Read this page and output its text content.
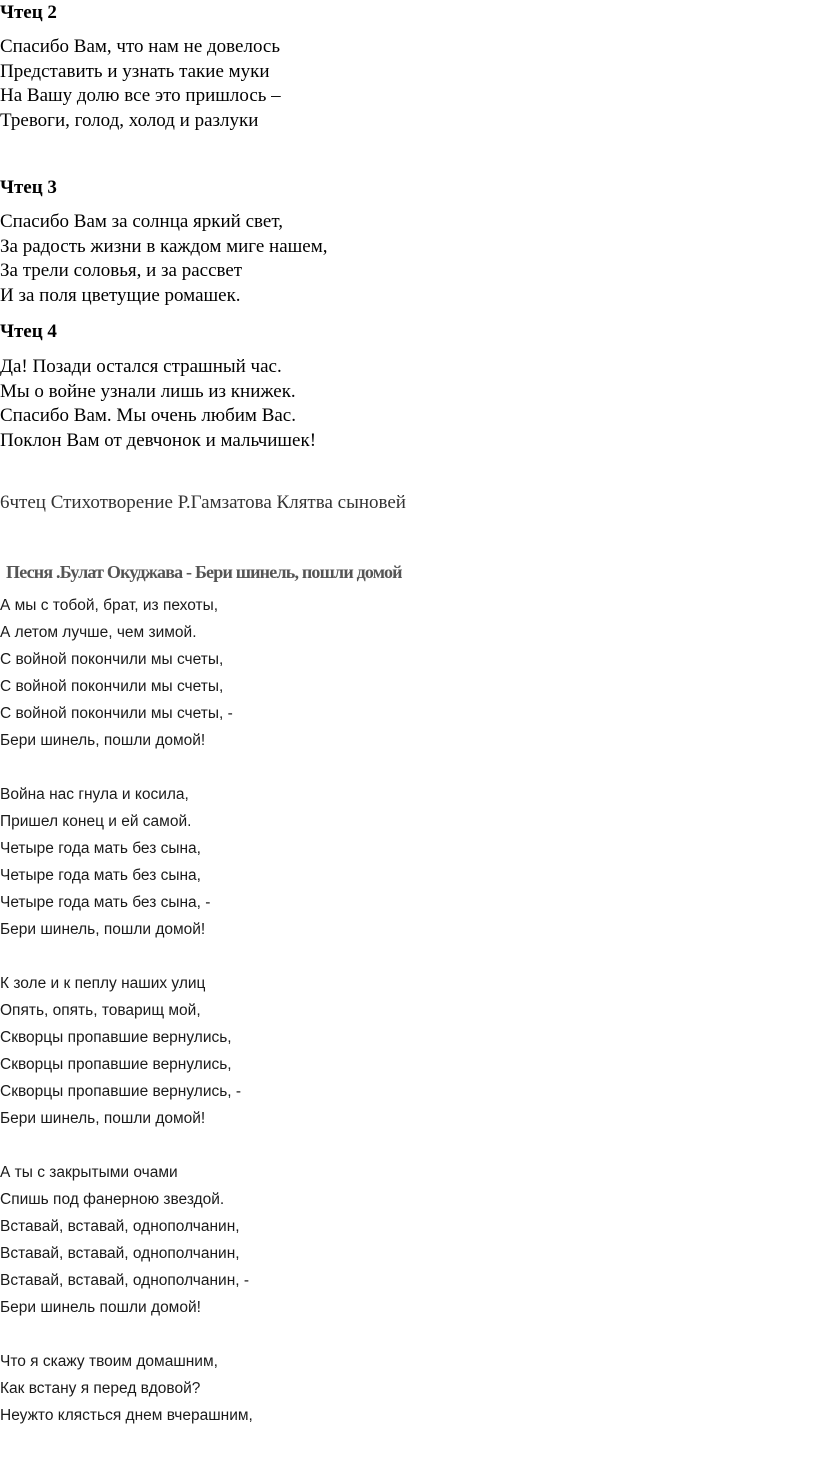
Чтец 2
Спасибо Вам, что нам не довелось
Представить и узнать такие муки
На Вашу долю все это пришлось –
Тревоги, голод, холод и разлуки
Чтец 3
Спасибо Вам за солнца яркий свет,
За радость жизни в каждом миге нашем,
За трели соловья, и за рассвет
И за поля цветущие ромашек.
Чтец 4
Да! Позади остался страшный час.
Мы о войне узнали лишь из книжек.
Спасибо Вам. Мы очень любим Вас.
Поклон Вам от девчонок и мальчишек!
6чтец Стихотворение Р.Гамзатова Клятва сыновей
Песня .Булат Окуджава - Бери шинель, пошли домой
А мы с тобой, брат, из пехоты,
А летом лучше, чем зимой.
С войной покончили мы счеты,
С войной покончили мы счеты,
С войной покончили мы счеты, -
Бери шинель, пошли домой!
Война нас гнула и косила,
Пришел конец и ей самой.
Четыре года мать без сына,
Четыре года мать без сына,
Четыре года мать без сына, -
Бери шинель, пошли домой!
К золе и к пеплу наших улиц
Опять, опять, товарищ мой,
Скворцы пропавшие вернулись,
Скворцы пропавшие вернулись,
Скворцы пропавшие вернулись, -
Бери шинель, пошли домой!
А ты с закрытыми очами
Спишь под фанерною звездой.
Вставай, вставай, однополчанин,
Вставай, вставай, однополчанин,
Вставай, вставай, однополчанин, -
Бери шинель пошли домой!
Что я скажу твоим домашним,
Как встану я перед вдовой?
Неужто клясться днем вчерашним,
